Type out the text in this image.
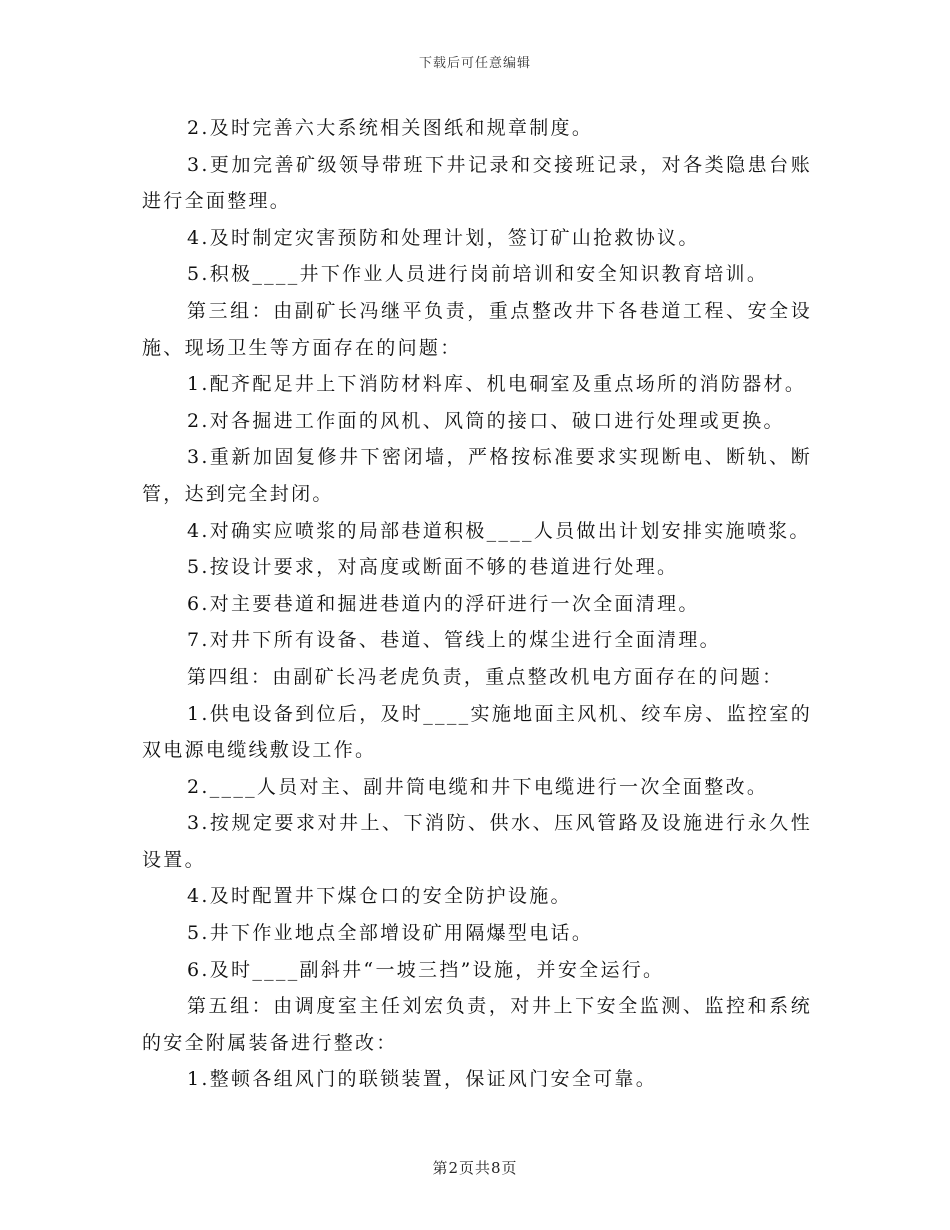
下载后可任意编辑

2.及时完善六大系统相关图纸和规章制度。

3.更加完善矿级领导带班下井记录和交接班记录，对各类隐患台账进行全面整理。

4.及时制定灾害预防和处理计划，签订矿山抢救协议。

5.积极____井下作业人员进行岗前培训和安全知识教育培训。

第三组：由副矿长冯继平负责，重点整改井下各巷道工程、安全设施、现场卫生等方面存在的问题：

1.配齐配足井上下消防材料库、机电硐室及重点场所的消防器材。

2.对各掘进工作面的风机、风筒的接口、破口进行处理或更换。

3.重新加固复修井下密闭墙，严格按标准要求实现断电、断轨、断管，达到完全封闭。

4.对确实应喷浆的局部巷道积极____人员做出计划安排实施喷浆。

5.按设计要求，对高度或断面不够的巷道进行处理。

6.对主要巷道和掘进巷道内的浮矸进行一次全面清理。

7.对井下所有设备、巷道、管线上的煤尘进行全面清理。

第四组：由副矿长冯老虎负责，重点整改机电方面存在的问题：

1.供电设备到位后，及时____实施地面主风机、绞车房、监控室的双电源电缆线敷设工作。

2.____人员对主、副井筒电缆和井下电缆进行一次全面整改。

3.按规定要求对井上、下消防、供水、压风管路及设施进行永久性设置。

4.及时配置井下煤仓口的安全防护设施。

5.井下作业地点全部增设矿用隔爆型电话。

6.及时____副斜井“一坡三挡”设施，并安全运行。

第五组：由调度室主任刘宏负责，对井上下安全监测、监控和系统的安全附属装备进行整改：

1.整顿各组风门的联锁装置，保证风门安全可靠。

第2页共8页
